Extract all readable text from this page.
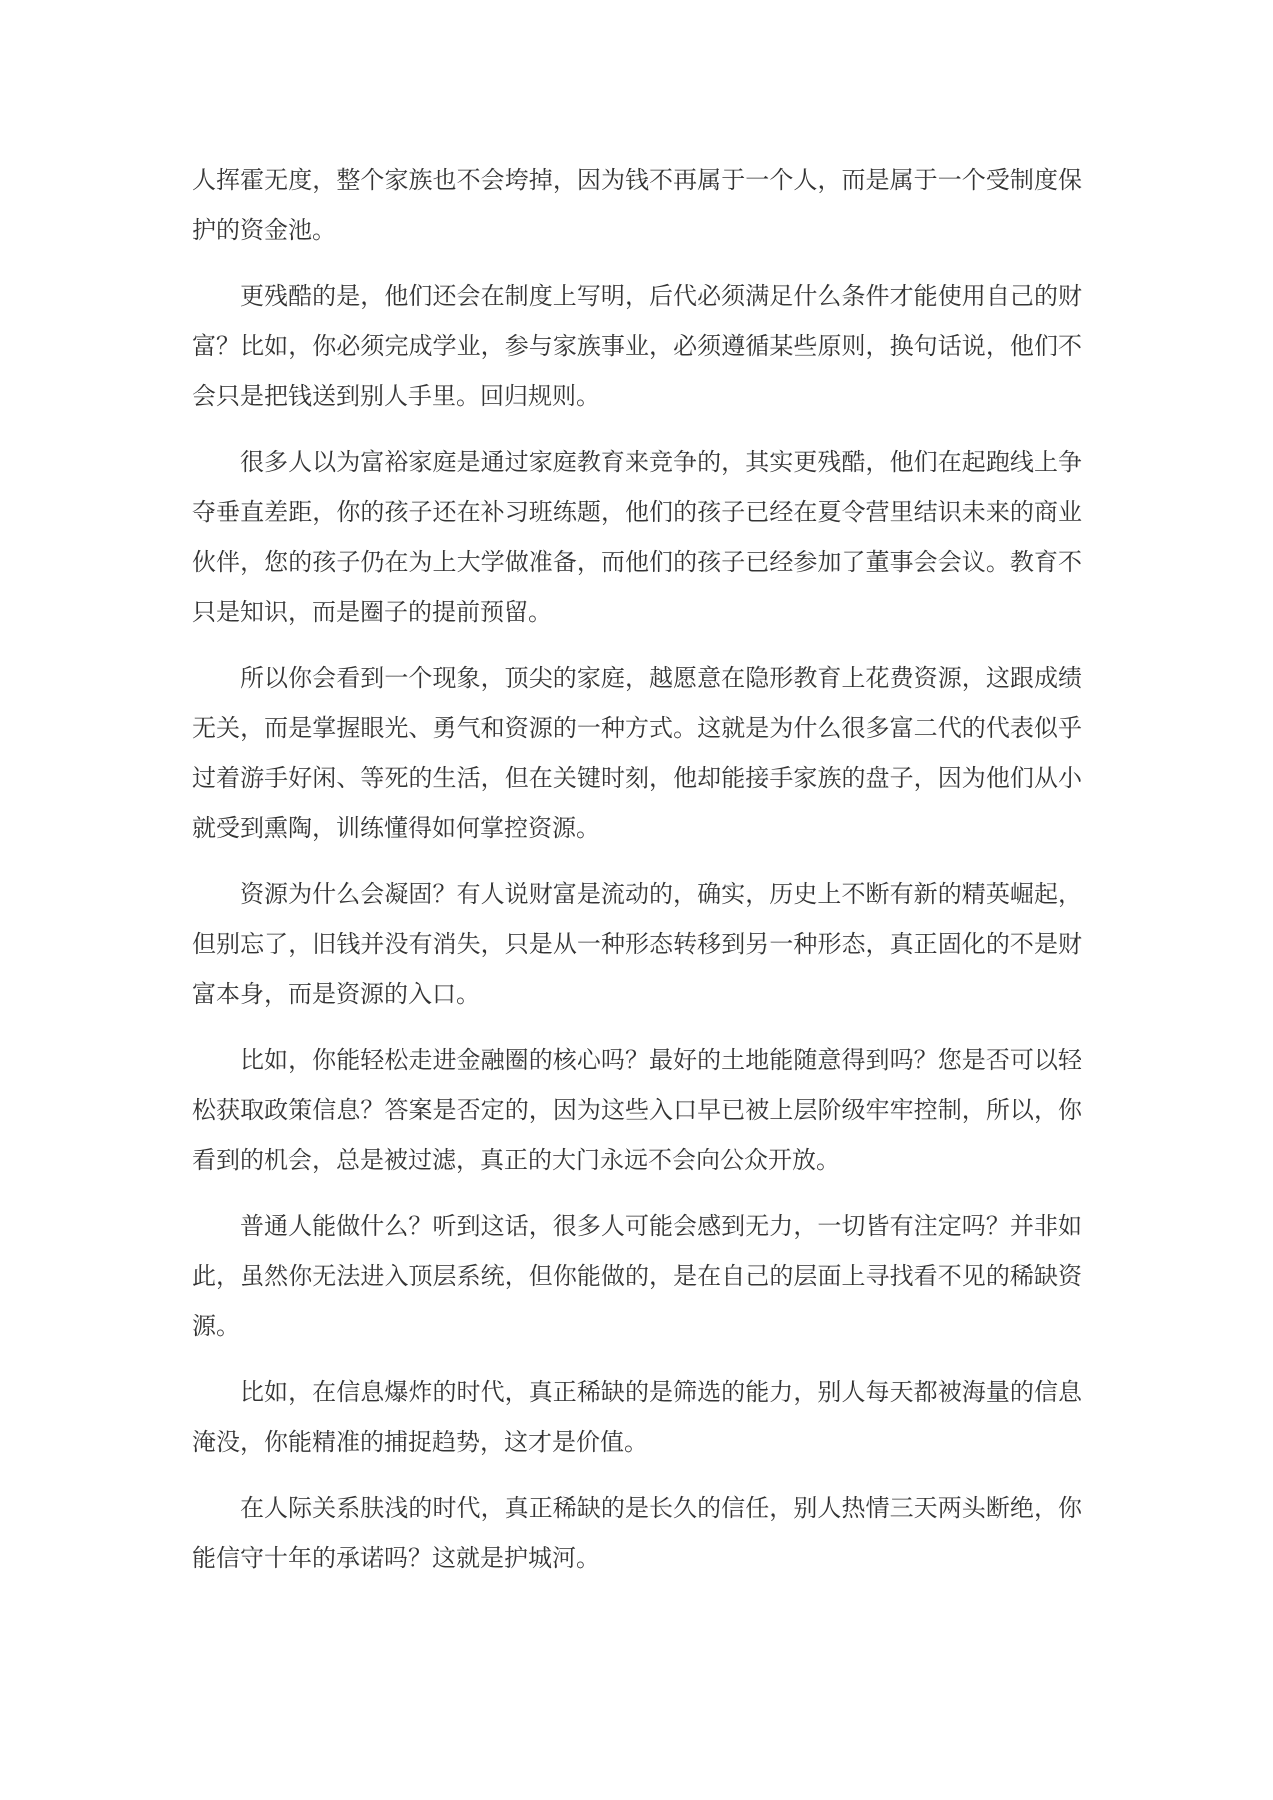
人挥霍无度，整个家族也不会垮掉，因为钱不再属于一个人，而是属于一个受制度保护的资金池。

更残酷的是，他们还会在制度上写明，后代必须满足什么条件才能使用自己的财富？比如，你必须完成学业，参与家族事业，必须遵循某些原则，换句话说，他们不会只是把钱送到别人手里。回归规则。

很多人以为富裕家庭是通过家庭教育来竞争的，其实更残酷，他们在起跑线上争夺垂直差距，你的孩子还在补习班练题，他们的孩子已经在夏令营里结识未来的商业伙伴，您的孩子仍在为上大学做准备，而他们的孩子已经参加了董事会会议。教育不只是知识，而是圈子的提前预留。

所以你会看到一个现象，顶尖的家庭，越愿意在隐形教育上花费资源，这跟成绩无关，而是掌握眼光、勇气和资源的一种方式。这就是为什么很多富二代的代表似乎过着游手好闲、等死的生活，但在关键时刻，他却能接手家族的盘子，因为他们从小就受到熏陶，训练懂得如何掌控资源。

资源为什么会凝固？有人说财富是流动的，确实，历史上不断有新的精英崛起，但别忘了，旧钱并没有消失，只是从一种形态转移到另一种形态，真正固化的不是财富本身，而是资源的入口。

比如，你能轻松走进金融圈的核心吗？最好的土地能随意得到吗？您是否可以轻松获取政策信息？答案是否定的，因为这些入口早已被上层阶级牢牢控制，所以，你看到的机会，总是被过滤，真正的大门永远不会向公众开放。

普通人能做什么？听到这话，很多人可能会感到无力，一切皆有注定吗？并非如此，虽然你无法进入顶层系统，但你能做的，是在自己的层面上寻找看不见的稀缺资源。

比如，在信息爆炸的时代，真正稀缺的是筛选的能力，别人每天都被海量的信息淹没，你能精准的捕捉趋势，这才是价值。

在人际关系肤浅的时代，真正稀缺的是长久的信任，别人热情三天两头断绝，你能信守十年的承诺吗？这就是护城河。
